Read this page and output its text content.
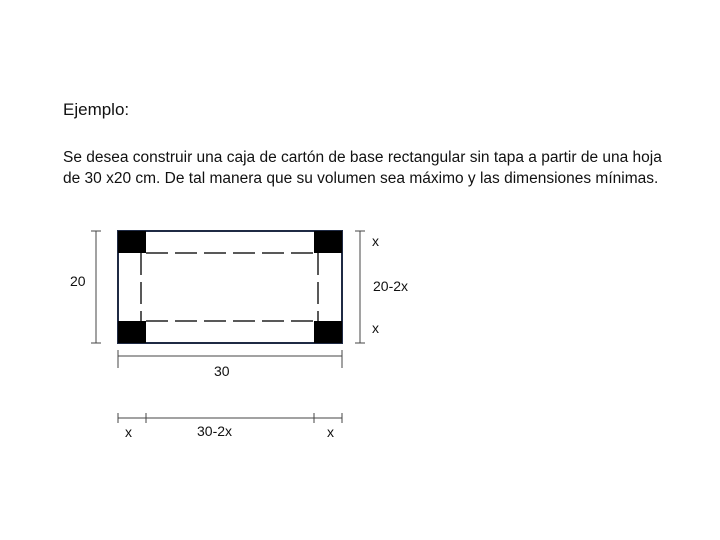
Ejemplo:

Se desea construir una caja de cartón de base rectangular sin tapa a partir de una hoja de 30 x20 cm. De tal manera que su volumen sea máximo y las dimensiones mínimas.

20
x
20-2x
x
30
x	30-2x	x
